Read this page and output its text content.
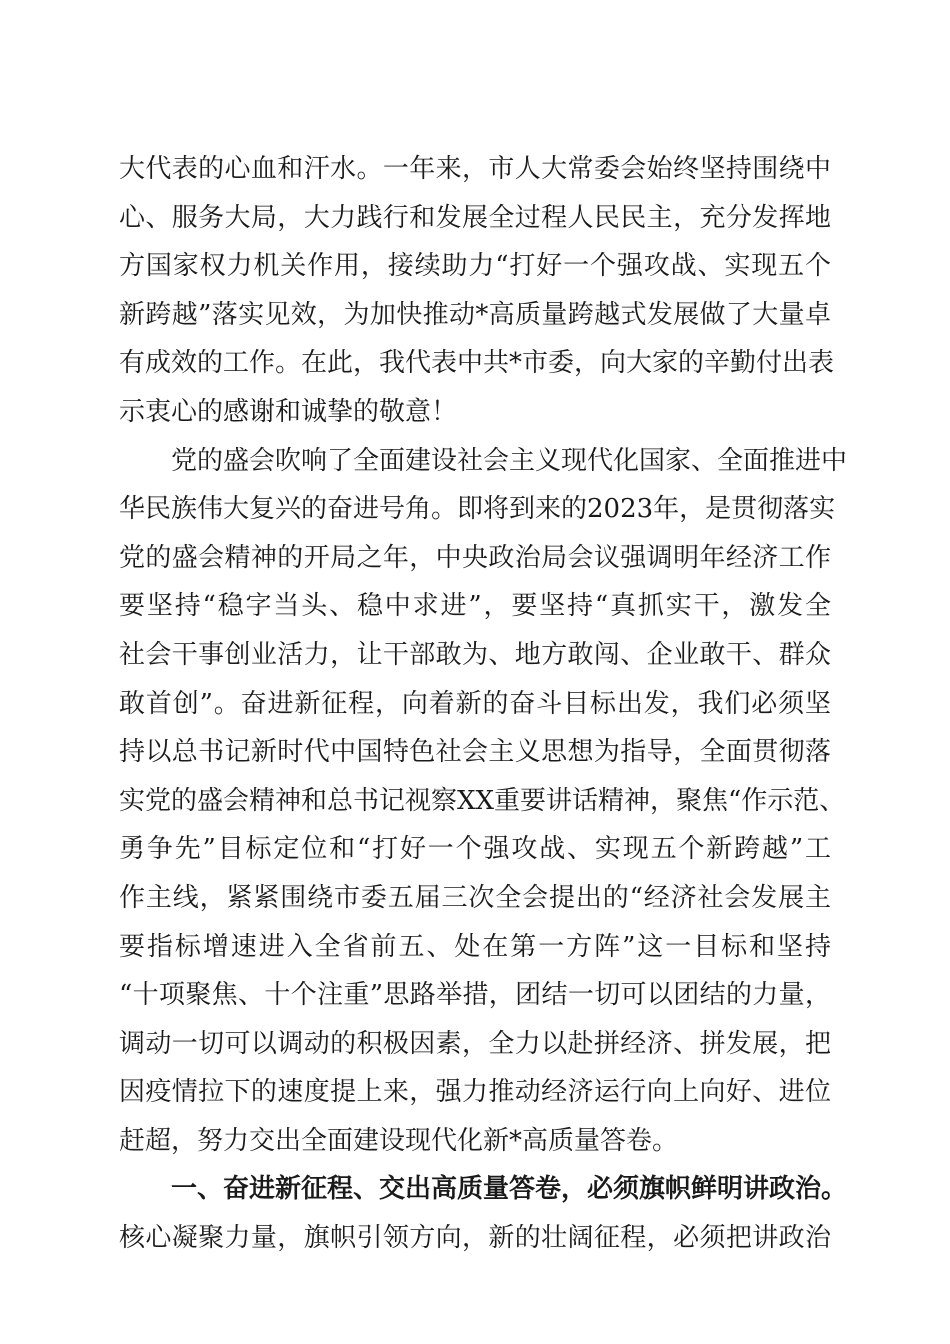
大代表的心血和汗水。一年来，市人大常委会始终坚持围绕中
心、服务大局，大力践行和发展全过程人民民主，充分发挥地
方国家权力机关作用，接续助力“打好一个强攻战、实现五个
新跨越”落实见效，为加快推动*高质量跨越式发展做了大量卓
有成效的工作。在此，我代表中共*市委，向大家的辛勤付出表
示衷心的感谢和诚挚的敬意！
　　党的盛会吹响了全面建设社会主义现代化国家、全面推进中
华民族伟大复兴的奋进号角。即将到来的2023年，是贯彻落实
党的盛会精神的开局之年，中央政治局会议强调明年经济工作
要坚持“稳字当头、稳中求进”，要坚持“真抓实干，激发全
社会干事创业活力，让干部敢为、地方敢闯、企业敢干、群众
敢首创”。奋进新征程，向着新的奋斗目标出发，我们必须坚
持以总书记新时代中国特色社会主义思想为指导，全面贯彻落
实党的盛会精神和总书记视察XX重要讲话精神，聚焦“作示范、
勇争先”目标定位和“打好一个强攻战、实现五个新跨越”工
作主线，紧紧围绕市委五届三次全会提出的“经济社会发展主
要指标增速进入全省前五、处在第一方阵”这一目标和坚持
“十项聚焦、十个注重”思路举措，团结一切可以团结的力量，
调动一切可以调动的积极因素，全力以赴拼经济、拼发展，把
因疫情拉下的速度提上来，强力推动经济运行向上向好、进位
赶超，努力交出全面建设现代化新*高质量答卷。
　　一、奋进新征程、交出高质量答卷，必须旗帜鲜明讲政治。
核心凝聚力量，旗帜引领方向，新的壮阔征程，必须把讲政治
